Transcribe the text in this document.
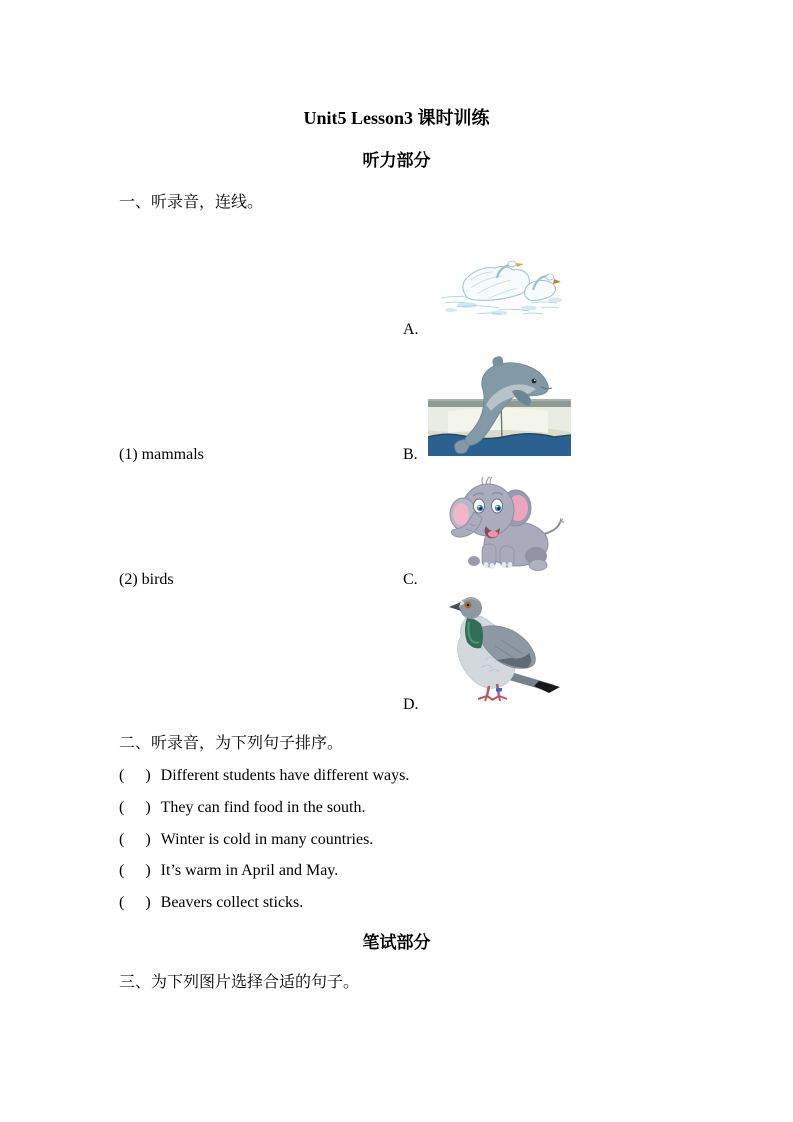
Unit5 Lesson3 课时训练
听力部分
一、听录音，连线。
A.
(1) mammals	B.
(2) birds	C.
D.
二、听录音，为下列句子排序。
(    ) Different students have different ways.
(    ) They can find food in the south.
(    ) Winter is cold in many countries.
(    ) It’s warm in April and May.
(    ) Beavers collect sticks.
笔试部分
三、为下列图片选择合适的句子。
